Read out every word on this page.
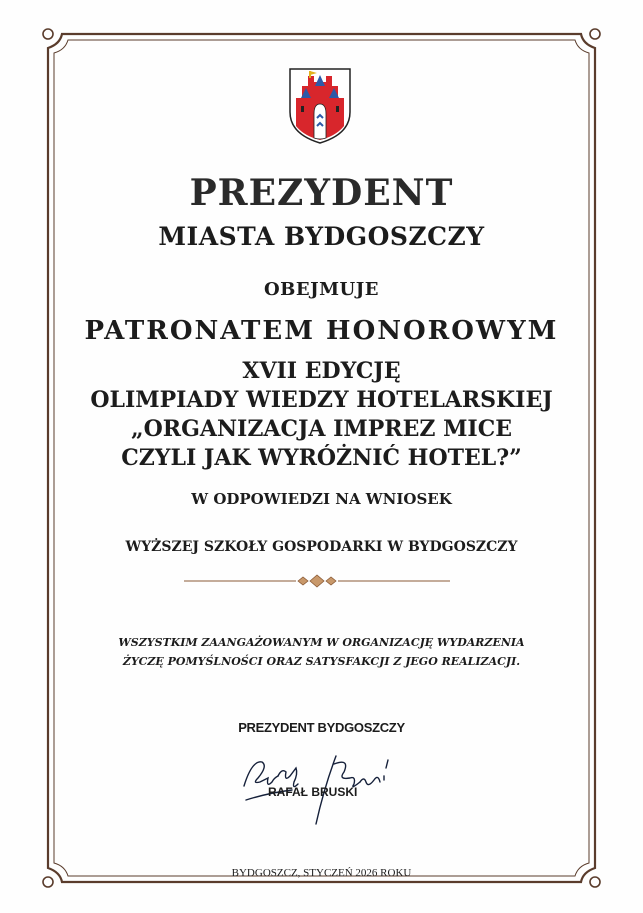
PREZYDENT
MIASTA BYDGOSZCZY
OBEJMUJE
PATRONATEM HONOROWYM
XVII EDYCJĘ
OLIMPIADY WIEDZY HOTELARSKIEJ
„ORGANIZACJA IMPREZ MICE
CZYLI JAK WYRÓŻNIĆ HOTEL?”
W ODPOWIEDZI NA WNIOSEK
WYŻSZEJ SZKOŁY GOSPODARKI W BYDGOSZCZY
WSZYSTKIM ZAANGAŻOWANYM W ORGANIZACJĘ WYDARZENIA
ŻYCZĘ POMYŚLNOŚCI ORAZ SATYSFAKCJI Z JEGO REALIZACJI.
PREZYDENT BYDGOSZCZY
RAFAŁ BRUSKI
BYDGOSZCZ, STYCZEŃ 2026 ROKU
